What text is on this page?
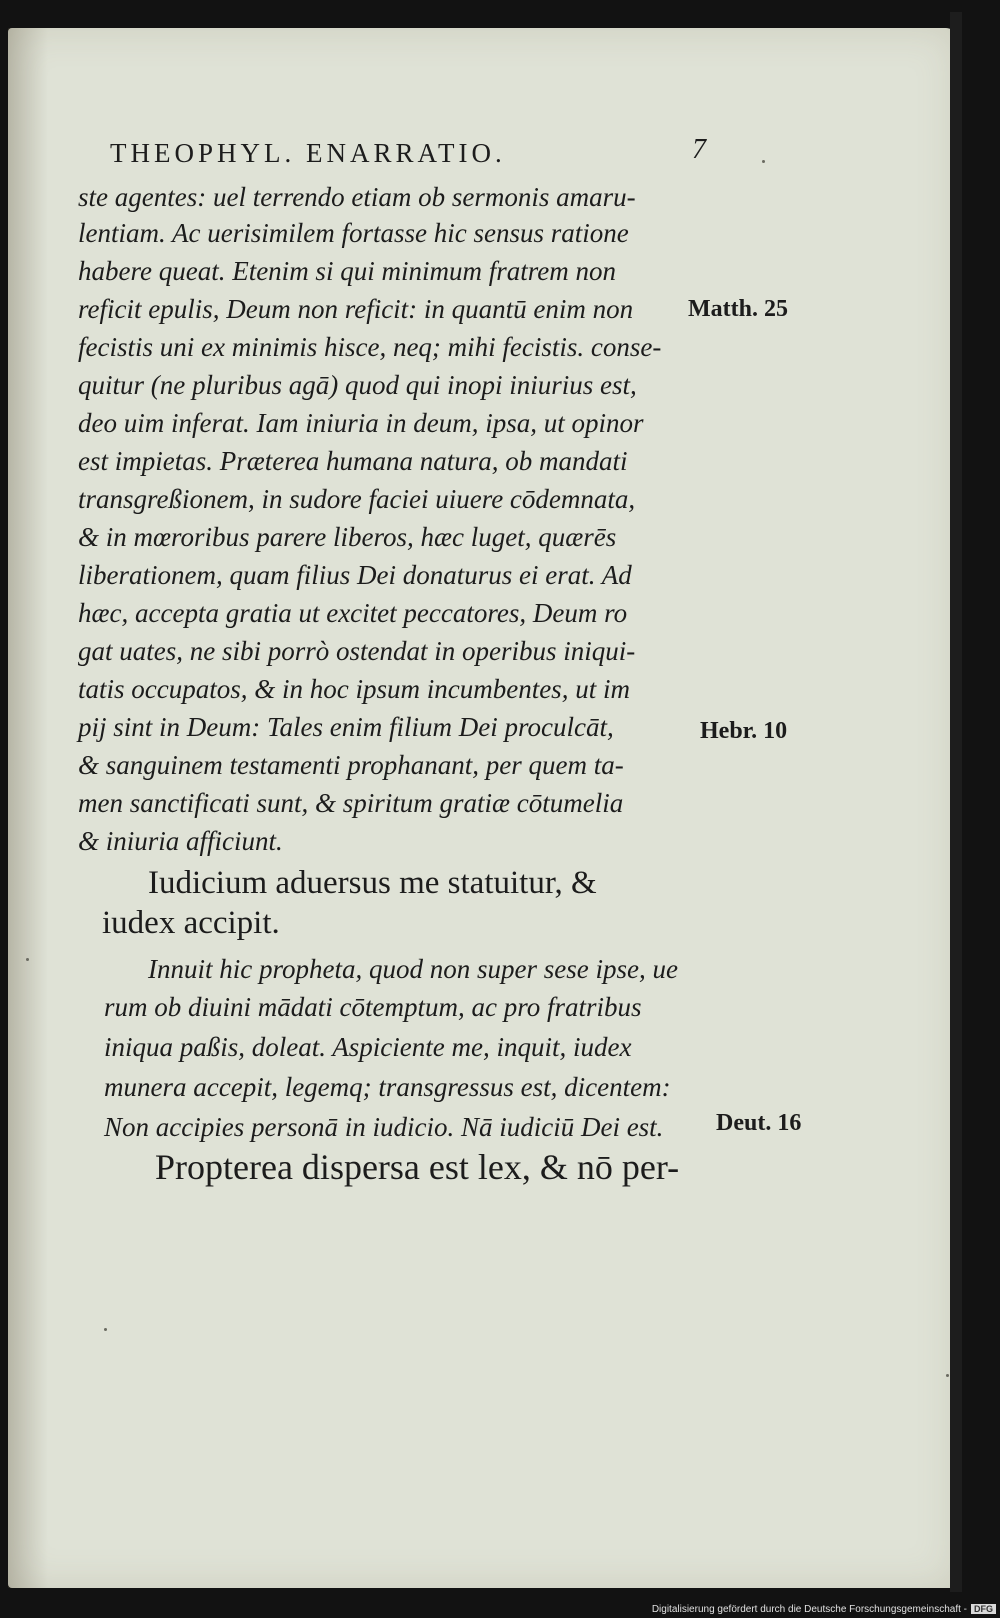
THEOPHYL. ENARRATIO.	7
ste agentes: uel terrendo etiam ob sermonis amaru-
lentiam. Ac uerisimilem fortasse hic sensus ratione
habere queat. Etenim si qui minimum fratrem non
reficit epulis, Deum non reficit: in quantū enim non
fecistis uni ex minimis hisce, neq; mihi fecistis. conse-
quitur (ne pluribus agā) quod qui inopi iniurius est,
deo uim inferat. Iam iniuria in deum, ipsa, ut opinor
est impietas. Præterea humana natura, ob mandati
transgreßionem, in sudore faciei uiuere cōdemnata,
& in mœroribus parere liberos, hæc luget, quærēs
liberationem, quam filius Dei donaturus ei erat. Ad
hæc, accepta gratia ut excitet peccatores, Deum ro
gat uates, ne sibi porrò ostendat in operibus iniqui-
tatis occupatos, & in hoc ipsum incumbentes, ut im
pij sint in Deum: Tales enim filium Dei proculcāt,
& sanguinem testamenti prophanant, per quem ta-
men sanctificati sunt, & spiritum gratiæ cōtumelia
& iniuria afficiunt.
Iudicium aduersus me statuitur, &
iudex accipit.
Innuit hic propheta, quod non super sese ipse, ue
rum ob diuini mādati cōtemptum, ac pro fratribus
iniqua paßis, doleat. Aspiciente me, inquit, iudex
munera accepit, legemq; transgressus est, dicentem:
Non accipies personā in iudicio. Nā iudiciū Dei est.
Propterea dispersa est lex, & nō per-
Matth. 25
Hebr. 10
Deut. 16
Digitalisierung gefördert durch die Deutsche Forschungsgemeinschaft - DFG
